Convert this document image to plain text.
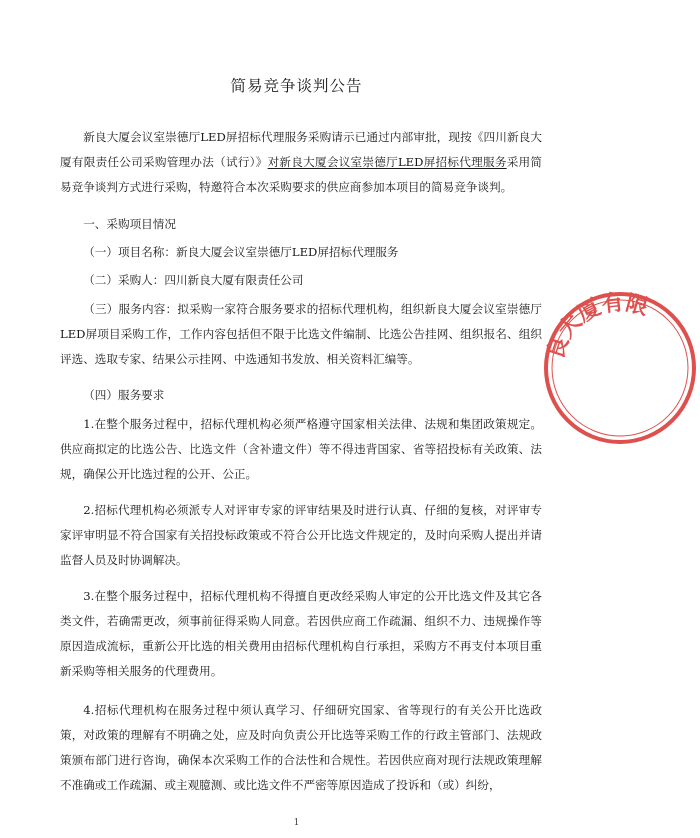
简易竞争谈判公告

新良大厦会议室崇德厅LED屏招标代理服务采购请示已通过内部审批，现按《四川新良大厦有限责任公司采购管理办法（试行）》对新良大厦会议室崇德厅LED屏招标代理服务采用简易竞争谈判方式进行采购，特邀符合本次采购要求的供应商参加本项目的简易竞争谈判。

一、采购项目情况

（一）项目名称：新良大厦会议室崇德厅LED屏招标代理服务

（二）采购人：四川新良大厦有限责任公司

（三）服务内容：拟采购一家符合服务要求的招标代理机构，组织新良大厦会议室崇德厅LED屏项目采购工作，工作内容包括但不限于比选文件编制、比选公告挂网、组织报名、组织评选、选取专家、结果公示挂网、中选通知书发放、相关资料汇编等。

（四）服务要求

1.在整个服务过程中，招标代理机构必须严格遵守国家相关法律、法规和集团政策规定。供应商拟定的比选公告、比选文件（含补遗文件）等不得违背国家、省等招投标有关政策、法规，确保公开比选过程的公开、公正。

2.招标代理机构必须派专人对评审专家的评审结果及时进行认真、仔细的复核，对评审专家评审明显不符合国家有关招投标政策或不符合公开比选文件规定的，及时向采购人提出并请监督人员及时协调解决。

3.在整个服务过程中，招标代理机构不得擅自更改经采购人审定的公开比选文件及其它各类文件，若确需更改，须事前征得采购人同意。若因供应商工作疏漏、组织不力、违规操作等原因造成流标，重新公开比选的相关费用由招标代理机构自行承担，采购方不再支付本项目重新采购等相关服务的代理费用。

4.招标代理机构在服务过程中须认真学习、仔细研究国家、省等现行的有关公开比选政策，对政策的理解有不明确之处，应及时向负责公开比选等采购工作的行政主管部门、法规政策颁布部门进行咨询，确保本次采购工作的合法性和合规性。若因供应商对现行法规政策理解不准确或工作疏漏、或主观臆测、或比选文件不严密等原因造成了投诉和（或）纠纷，

良大厦有限
1
